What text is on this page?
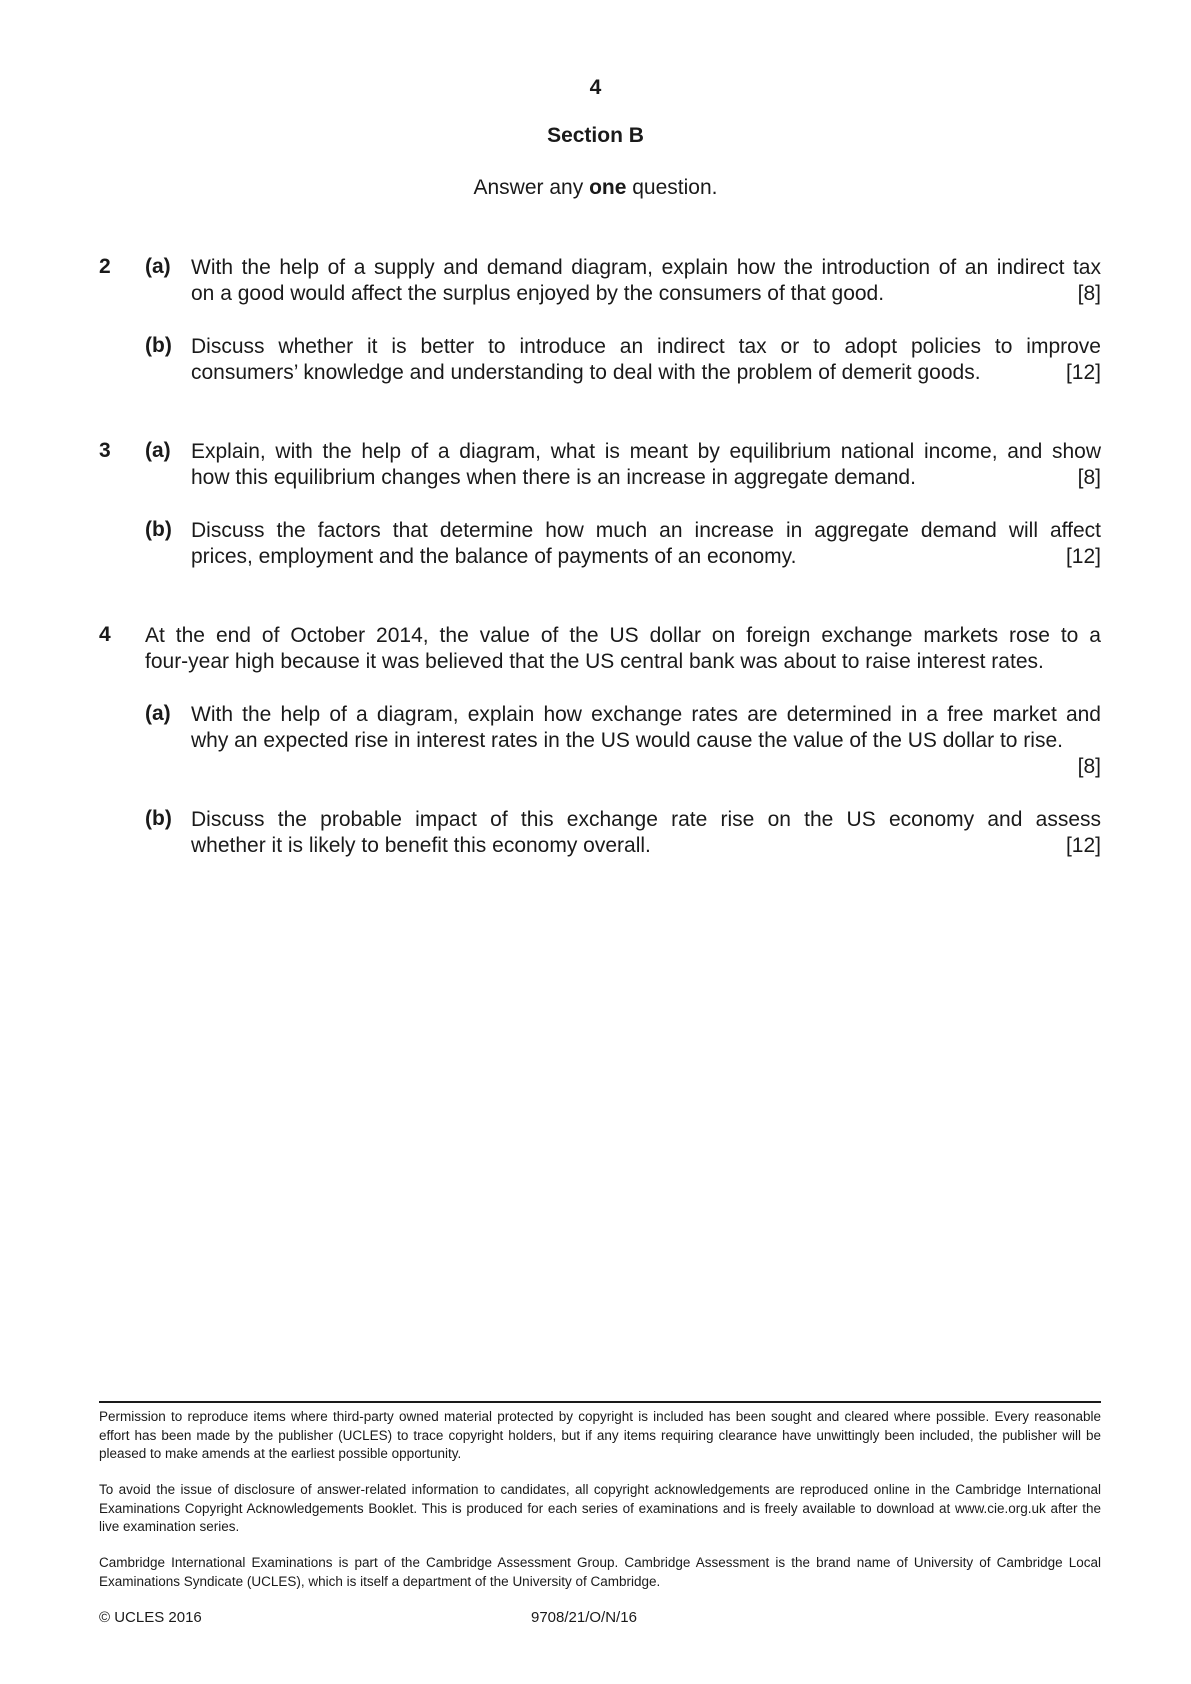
4
Section B
Answer any one question.
2 (a) With the help of a supply and demand diagram, explain how the introduction of an indirect tax
on a good would affect the surplus enjoyed by the consumers of that good.	[8]
(b) Discuss whether it is better to introduce an indirect tax or to adopt policies to improve
consumers’ knowledge and understanding to deal with the problem of demerit goods.	[12]
3 (a) Explain, with the help of a diagram, what is meant by equilibrium national income, and show
how this equilibrium changes when there is an increase in aggregate demand.	[8]
(b) Discuss the factors that determine how much an increase in aggregate demand will affect
prices, employment and the balance of payments of an economy.	[12]
4 At the end of October 2014, the value of the US dollar on foreign exchange markets rose to a
four-year high because it was believed that the US central bank was about to raise interest rates.
(a) With the help of a diagram, explain how exchange rates are determined in a free market and
why an expected rise in interest rates in the US would cause the value of the US dollar to rise.
[8]
(b) Discuss the probable impact of this exchange rate rise on the US economy and assess
whether it is likely to benefit this economy overall.	[12]
Permission to reproduce items where third-party owned material protected by copyright is included has been sought and cleared where possible. Every reasonable effort has been made by the publisher (UCLES) to trace copyright holders, but if any items requiring clearance have unwittingly been included, the publisher will be pleased to make amends at the earliest possible opportunity.
To avoid the issue of disclosure of answer-related information to candidates, all copyright acknowledgements are reproduced online in the Cambridge International Examinations Copyright Acknowledgements Booklet. This is produced for each series of examinations and is freely available to download at www.cie.org.uk after the live examination series.
Cambridge International Examinations is part of the Cambridge Assessment Group. Cambridge Assessment is the brand name of University of Cambridge Local Examinations Syndicate (UCLES), which is itself a department of the University of Cambridge.
© UCLES 2016	9708/21/O/N/16
